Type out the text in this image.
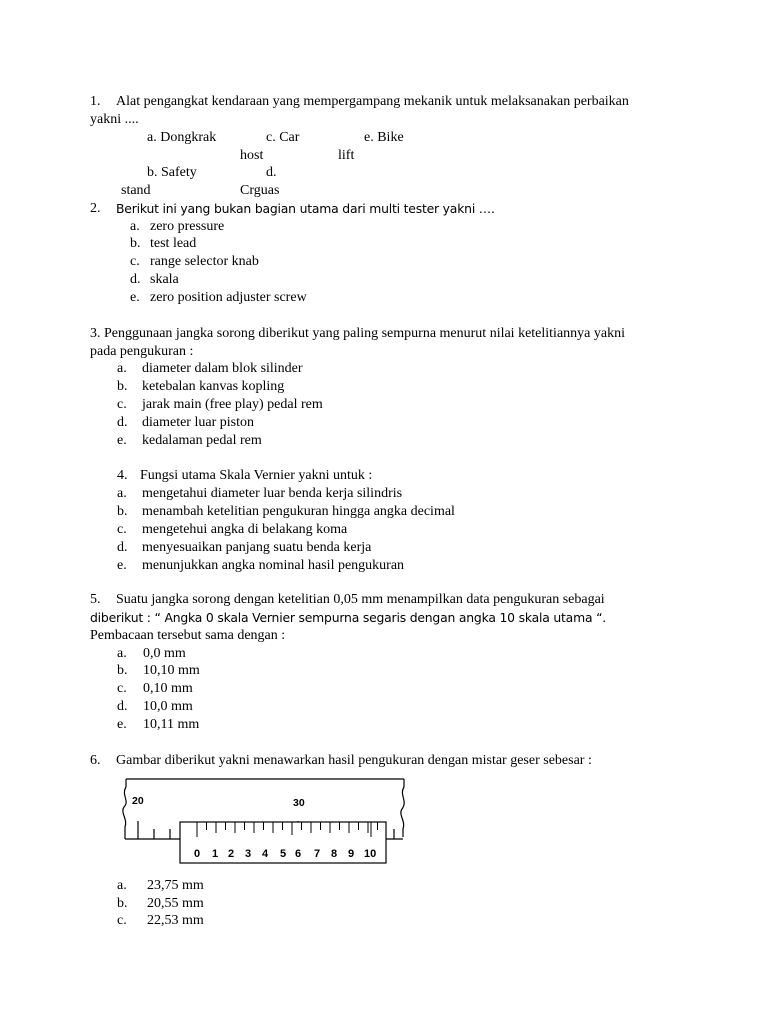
1. Alat pengangkat kendaraan yang mempergampang mekanik untuk melaksanakan perbaikan
yakni ....
a. Dongkrak	c. Car	e. Bike
host	lift
b. Safety	d.
stand	Crguas
2. Berikut ini yang bukan bagian utama dari multi tester yakni ….
a. zero pressure
b. test lead
c. range selector knab
d. skala
e. zero position adjuster screw
3. Penggunaan jangka sorong diberikut yang paling sempurna menurut nilai ketelitiannya yakni
pada pengukuran :
a. diameter dalam blok silinder
b. ketebalan kanvas kopling
c. jarak main (free play) pedal rem
d. diameter luar piston
e. kedalaman pedal rem
4. Fungsi utama Skala Vernier yakni untuk :
a. mengetahui diameter luar benda kerja silindris
b. menambah ketelitian pengukuran hingga angka decimal
c. mengetehui angka di belakang koma
d. menyesuaikan panjang suatu benda kerja
e. menunjukkan angka nominal hasil pengukuran
5. Suatu jangka sorong dengan ketelitian 0,05 mm menampilkan data pengukuran sebagai
diberikut : “ Angka 0 skala Vernier sempurna segaris dengan angka 10 skala utama “.
Pembacaan tersebut sama dengan :
a. 0,0 mm
b. 10,10 mm
c. 0,10 mm
d. 10,0 mm
e. 10,11 mm
6. Gambar diberikut yakni menawarkan hasil pengukuran dengan mistar geser sebesar :
20	30
0 1 2 3 4 5 6 7 8 9 10
a. 23,75 mm
b. 20,55 mm
c. 22,53 mm
